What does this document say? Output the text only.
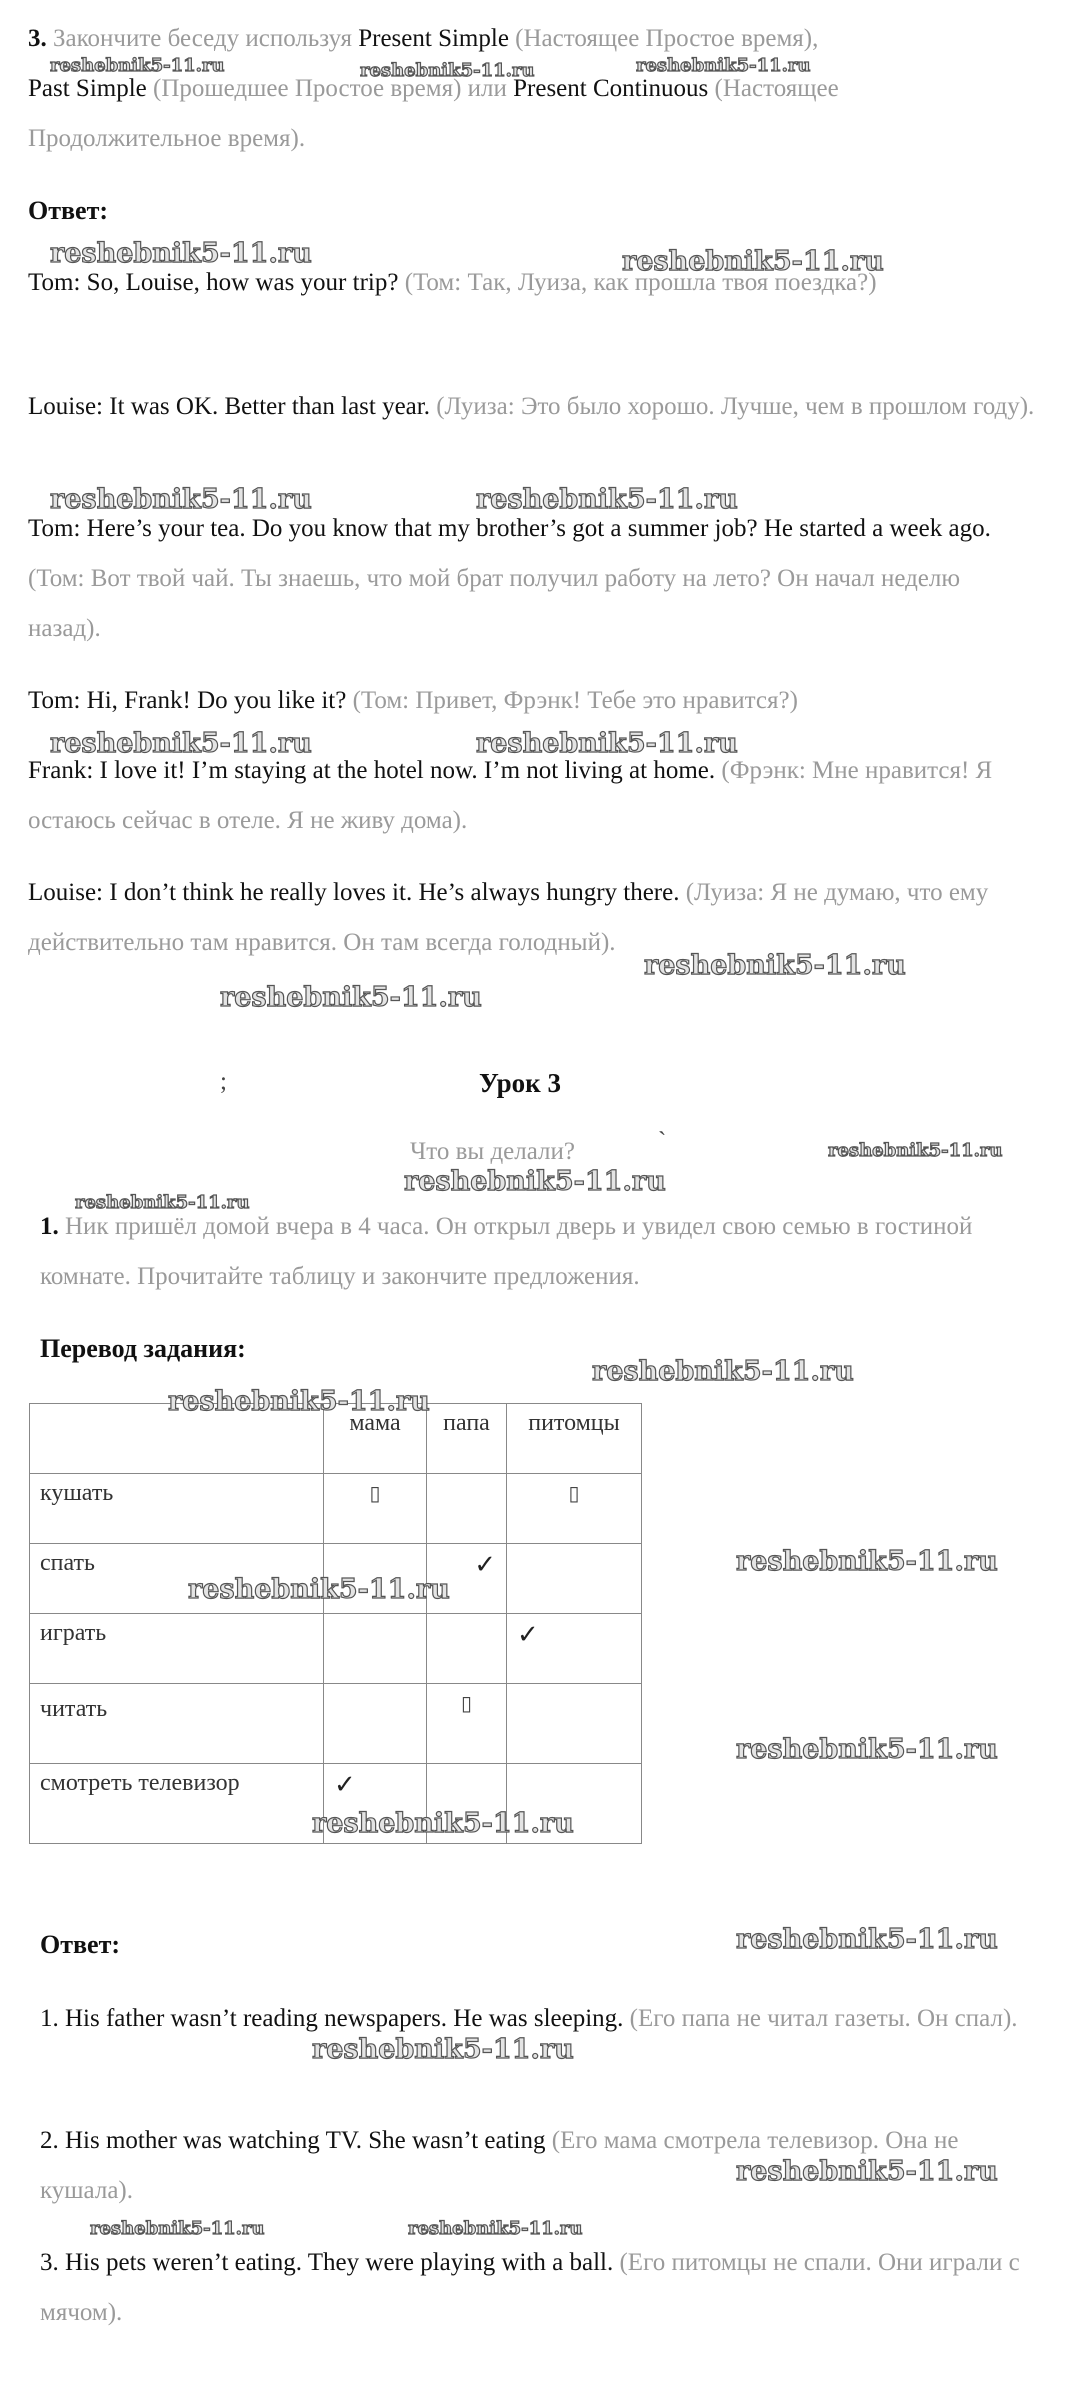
3. Закончите беседу используя Present Simple (Настоящее Простое время),
Past Simple (Прошедшее Простое время) или Present Continuous (Настоящее
Продолжительное время).
Ответ:
Tom: So, Louise, how was your trip? (Том: Так, Луиза, как прошла твоя поездка?)
Louise: It was OK. Better than last year. (Луиза: Это было хорошо. Лучше, чем в прошлом году).
Tom: Here’s your tea. Do you know that my brother’s got a summer job? He started a week ago. (Том: Вот твой чай. Ты знаешь, что мой брат получил работу на лето? Он начал неделю назад).
Tom: Hi, Frank! Do you like it? (Том: Привет, Фрэнк! Тебе это нравится?)
Frank: I love it! I’m staying at the hotel now. I’m not living at home. (Фрэнк: Мне нравится! Я остаюсь сейчас в отеле. Я не живу дома).
Louise: I don’t think he really loves it. He’s always hungry there. (Луиза: Я не думаю, что ему действительно там нравится. Он там всегда голодный).
;	Урок 3
Что вы делали?	`
1. Ник пришёл домой вчера в 4 часа. Он открыл дверь и увидел свою семью в гостиной комнате. Прочитайте таблицу и закончите предложения.
Перевод задания:
	мама	папа	питомцы
кушать	▯		▯
спать		✓	
играть			✓
читать		▯	
смотреть телевизор	✓		
Ответ:
1. His father wasn’t reading newspapers. He was sleeping. (Его папа не читал газеты. Он спал).
2. His mother was watching TV. She wasn’t eating (Его мама смотрела телевизор. Она не кушала).
3. His pets weren’t eating. They were playing with a ball. (Его питомцы не спали. Они играли с мячом).
reshebnik5-11.ru	reshebnik5-11.ru	reshebnik5-11.ru
reshebnik5-11.ru	reshebnik5-11.ru
reshebnik5-11.ru	reshebnik5-11.ru
reshebnik5-11.ru	reshebnik5-11.ru
reshebnik5-11.ru
reshebnik5-11.ru
reshebnik5-11.ru
reshebnik5-11.ru
reshebnik5-11.ru
reshebnik5-11.ru
reshebnik5-11.ru
reshebnik5-11.ru
reshebnik5-11.ru
reshebnik5-11.ru
reshebnik5-11.ru
reshebnik5-11.ru
reshebnik5-11.ru
reshebnik5-11.ru
reshebnik5-11.ru	reshebnik5-11.ru
